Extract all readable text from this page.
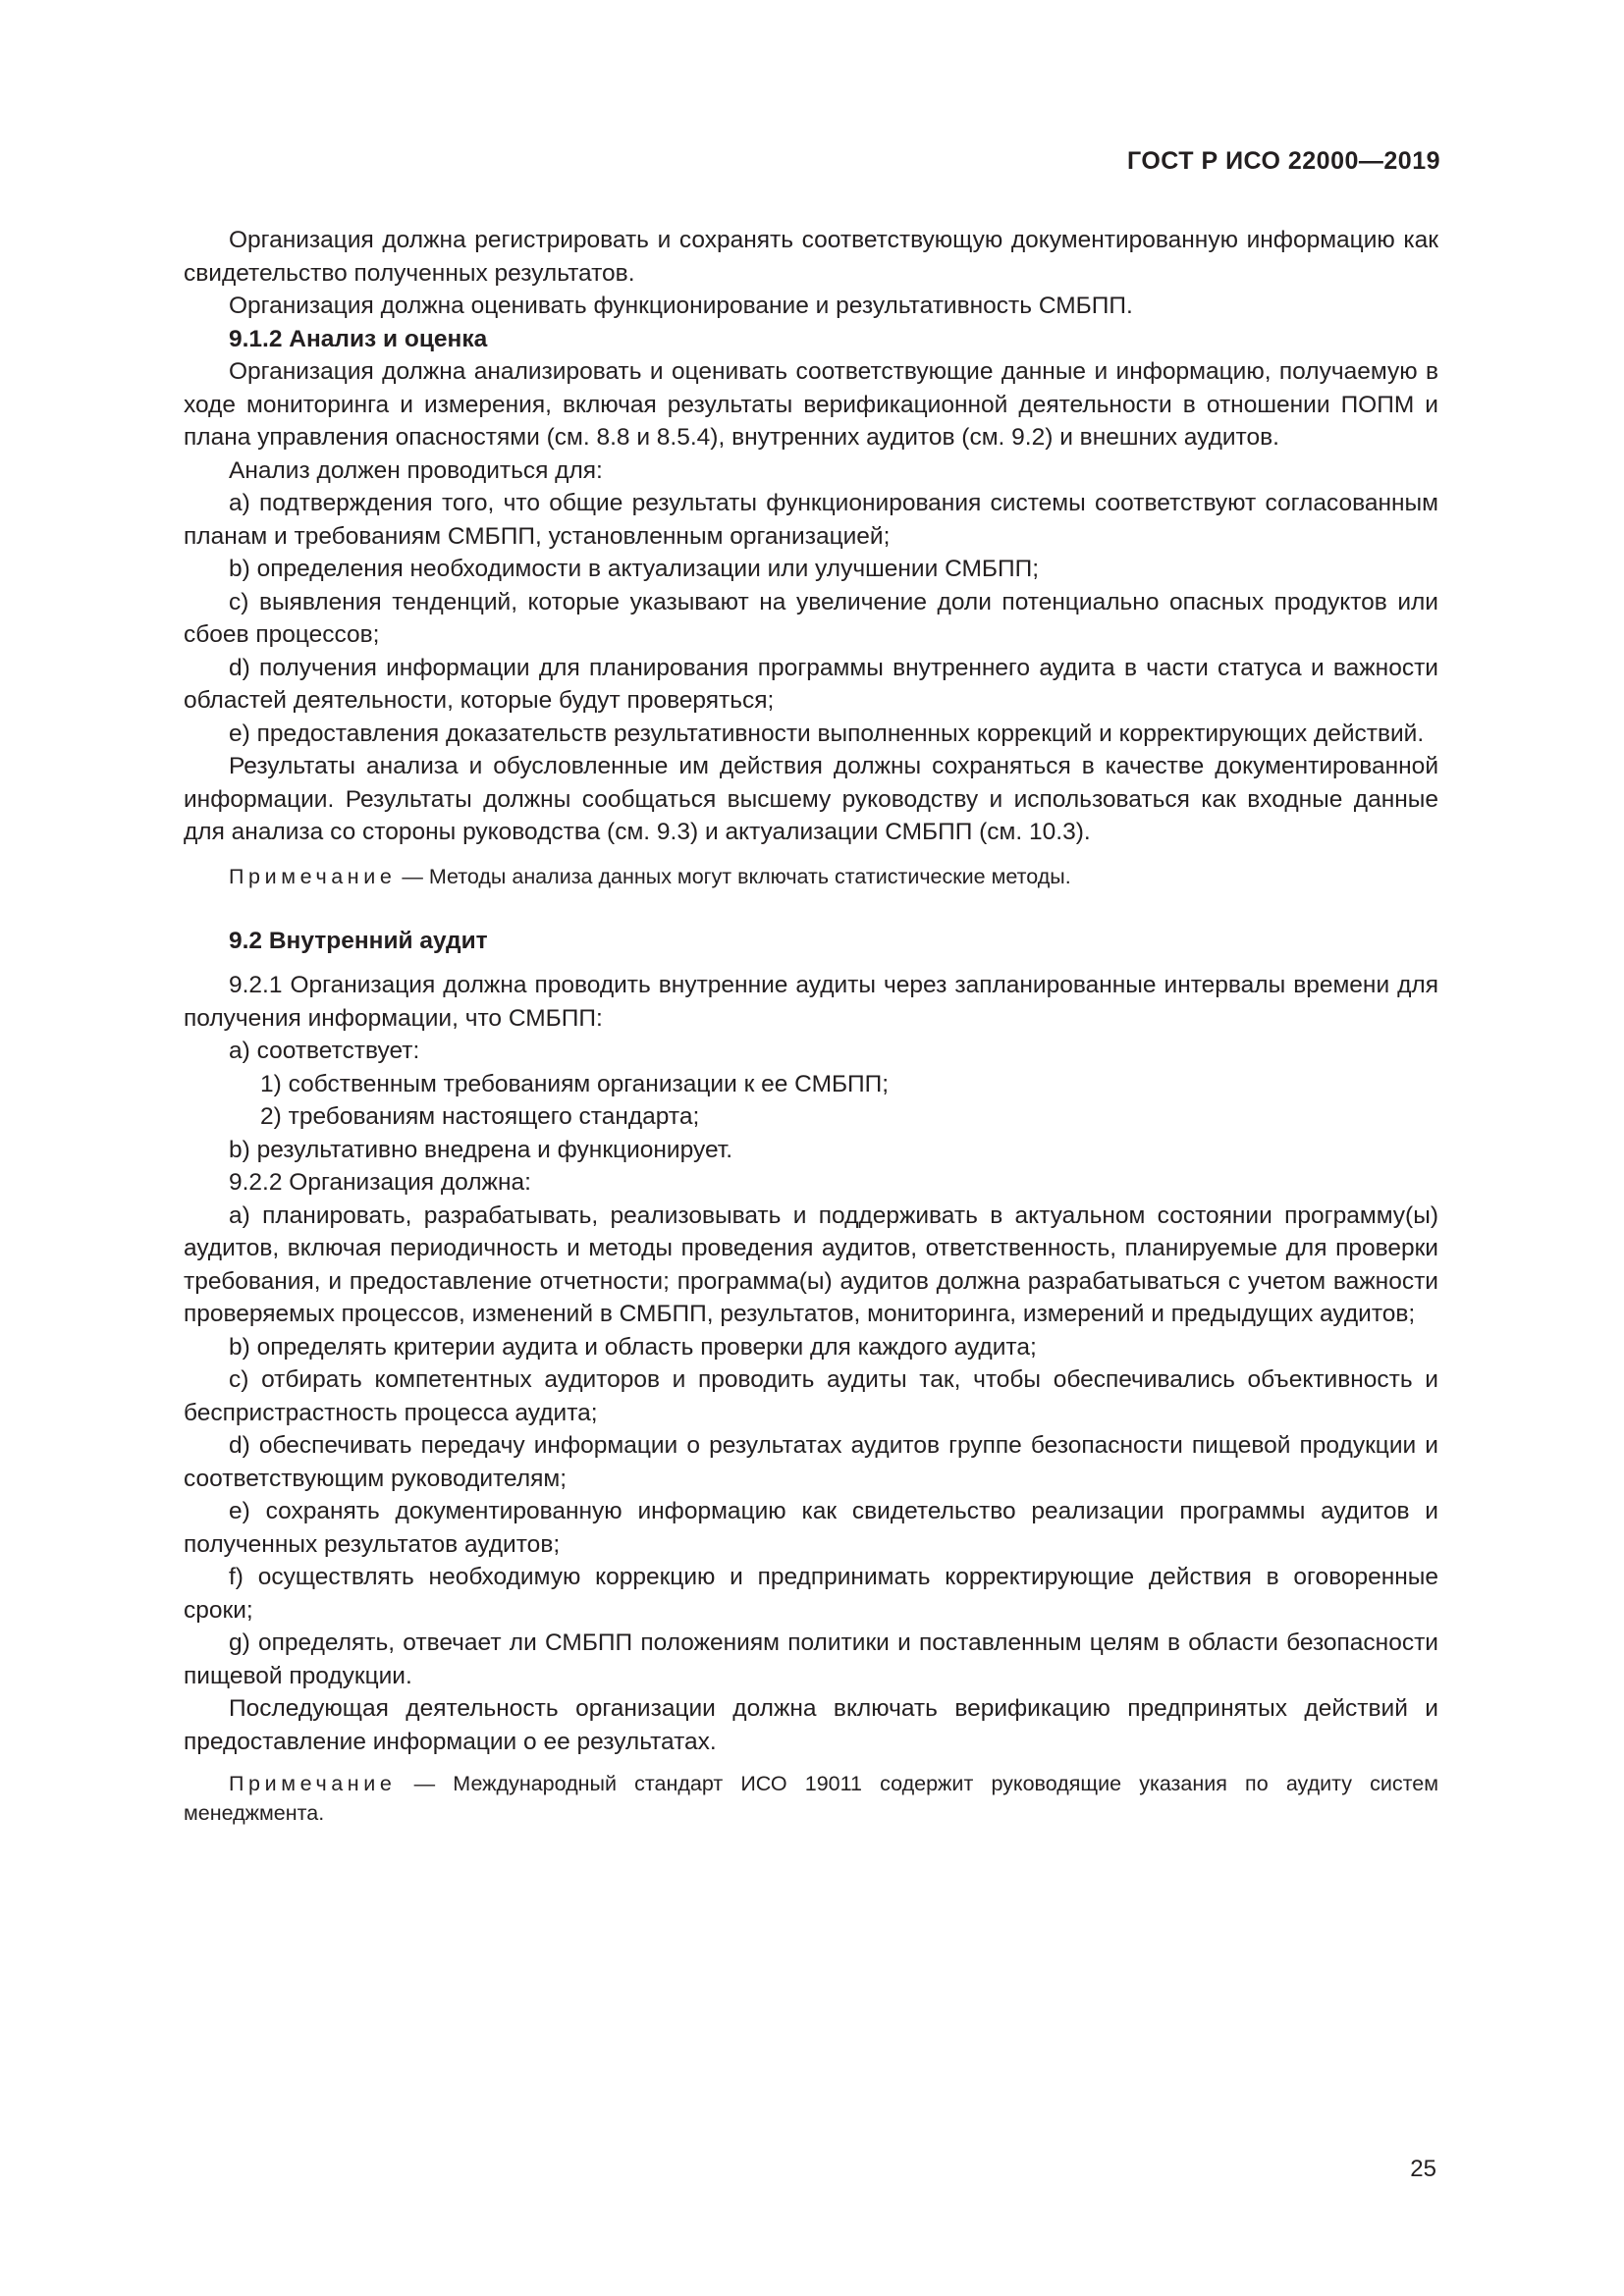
ГОСТ Р ИСО 22000—2019

Организация должна регистрировать и сохранять соответствующую документированную информацию как свидетельство полученных результатов.

Организация должна оценивать функционирование и результативность СМБПП.

9.1.2 Анализ и оценка

Организация должна анализировать и оценивать соответствующие данные и информацию, получаемую в ходе мониторинга и измерения, включая результаты верификационной деятельности в отношении ПОПМ и плана управления опасностями (см. 8.8 и 8.5.4), внутренних аудитов (см. 9.2) и внешних аудитов.

Анализ должен проводиться для:

a) подтверждения того, что общие результаты функционирования системы соответствуют согласованным планам и требованиям СМБПП, установленным организацией;

b) определения необходимости в актуализации или улучшении СМБПП;

c) выявления тенденций, которые указывают на увеличение доли потенциально опасных продуктов или сбоев процессов;

d) получения информации для планирования программы внутреннего аудита в части статуса и важности областей деятельности, которые будут проверяться;

e) предоставления доказательств результативности выполненных коррекций и корректирующих действий.

Результаты анализа и обусловленные им действия должны сохраняться в качестве документированной информации. Результаты должны сообщаться высшему руководству и использоваться как входные данные для анализа со стороны руководства (см. 9.3) и актуализации СМБПП (см. 10.3).

Примечание — Методы анализа данных могут включать статистические методы.

9.2 Внутренний аудит

9.2.1 Организация должна проводить внутренние аудиты через запланированные интервалы времени для получения информации, что СМБПП:

a) соответствует:

1) собственным требованиям организации к ее СМБПП;

2) требованиям настоящего стандарта;

b) результативно внедрена и функционирует.

9.2.2 Организация должна:

a) планировать, разрабатывать, реализовывать и поддерживать в актуальном состоянии программу(ы) аудитов, включая периодичность и методы проведения аудитов, ответственность, планируемые для проверки требования, и предоставление отчетности; программа(ы) аудитов должна разрабатываться с учетом важности проверяемых процессов, изменений в СМБПП, результатов, мониторинга, измерений и предыдущих аудитов;

b) определять критерии аудита и область проверки для каждого аудита;

c) отбирать компетентных аудиторов и проводить аудиты так, чтобы обеспечивались объективность и беспристрастность процесса аудита;

d) обеспечивать передачу информации о результатах аудитов группе безопасности пищевой продукции и соответствующим руководителям;

e) сохранять документированную информацию как свидетельство реализации программы аудитов и полученных результатов аудитов;

f) осуществлять необходимую коррекцию и предпринимать корректирующие действия в оговоренные сроки;

g) определять, отвечает ли СМБПП положениям политики и поставленным целям в области безопасности пищевой продукции.

Последующая деятельность организации должна включать верификацию предпринятых действий и предоставление информации о ее результатах.

Примечание — Международный стандарт ИСО 19011 содержит руководящие указания по аудиту систем менеджмента.

25
